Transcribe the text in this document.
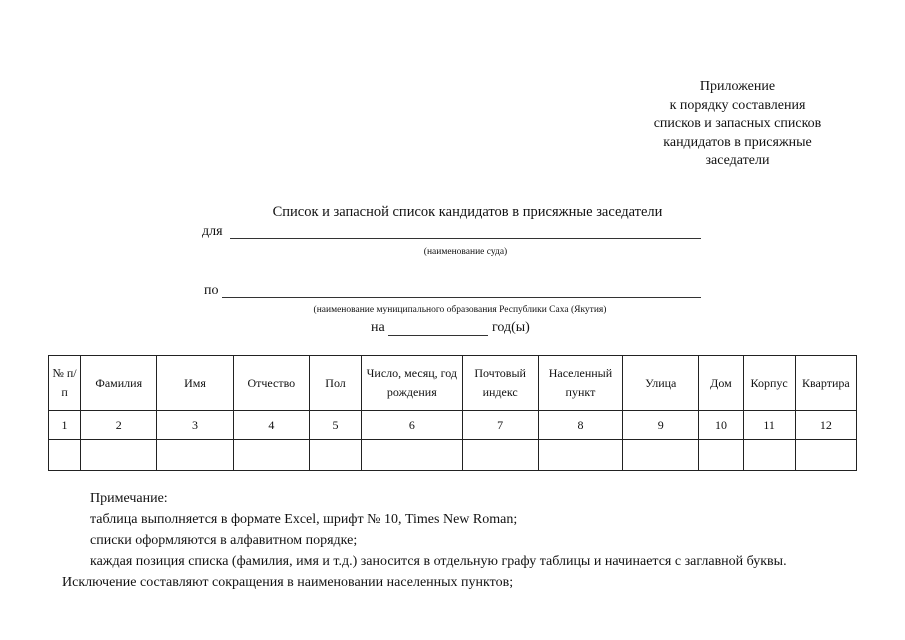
Приложение
к порядку составления
списков и запасных списков
кандидатов в присяжные
заседатели
Список и запасной список кандидатов в присяжные заседатели
для
(наименование суда)
по
(наименование муниципального образования Республики Саха (Якутия)
на	год(ы)
№ п/п	Фамилия	Имя	Отчество	Пол	Число, месяц, год рождения	Почтовый индекс	Населенный пункт	Улица	Дом	Корпус	Квартира
1	2	3	4	5	6	7	8	9	10	11	12

Примечание:
таблица выполняется в формате Excel, шрифт № 10, Times New Roman;
списки оформляются в алфавитном порядке;
каждая позиция списка (фамилия, имя и т.д.) заносится в отдельную графу таблицы и начинается с заглавной буквы.
Исключение составляют сокращения в наименовании населенных пунктов;
